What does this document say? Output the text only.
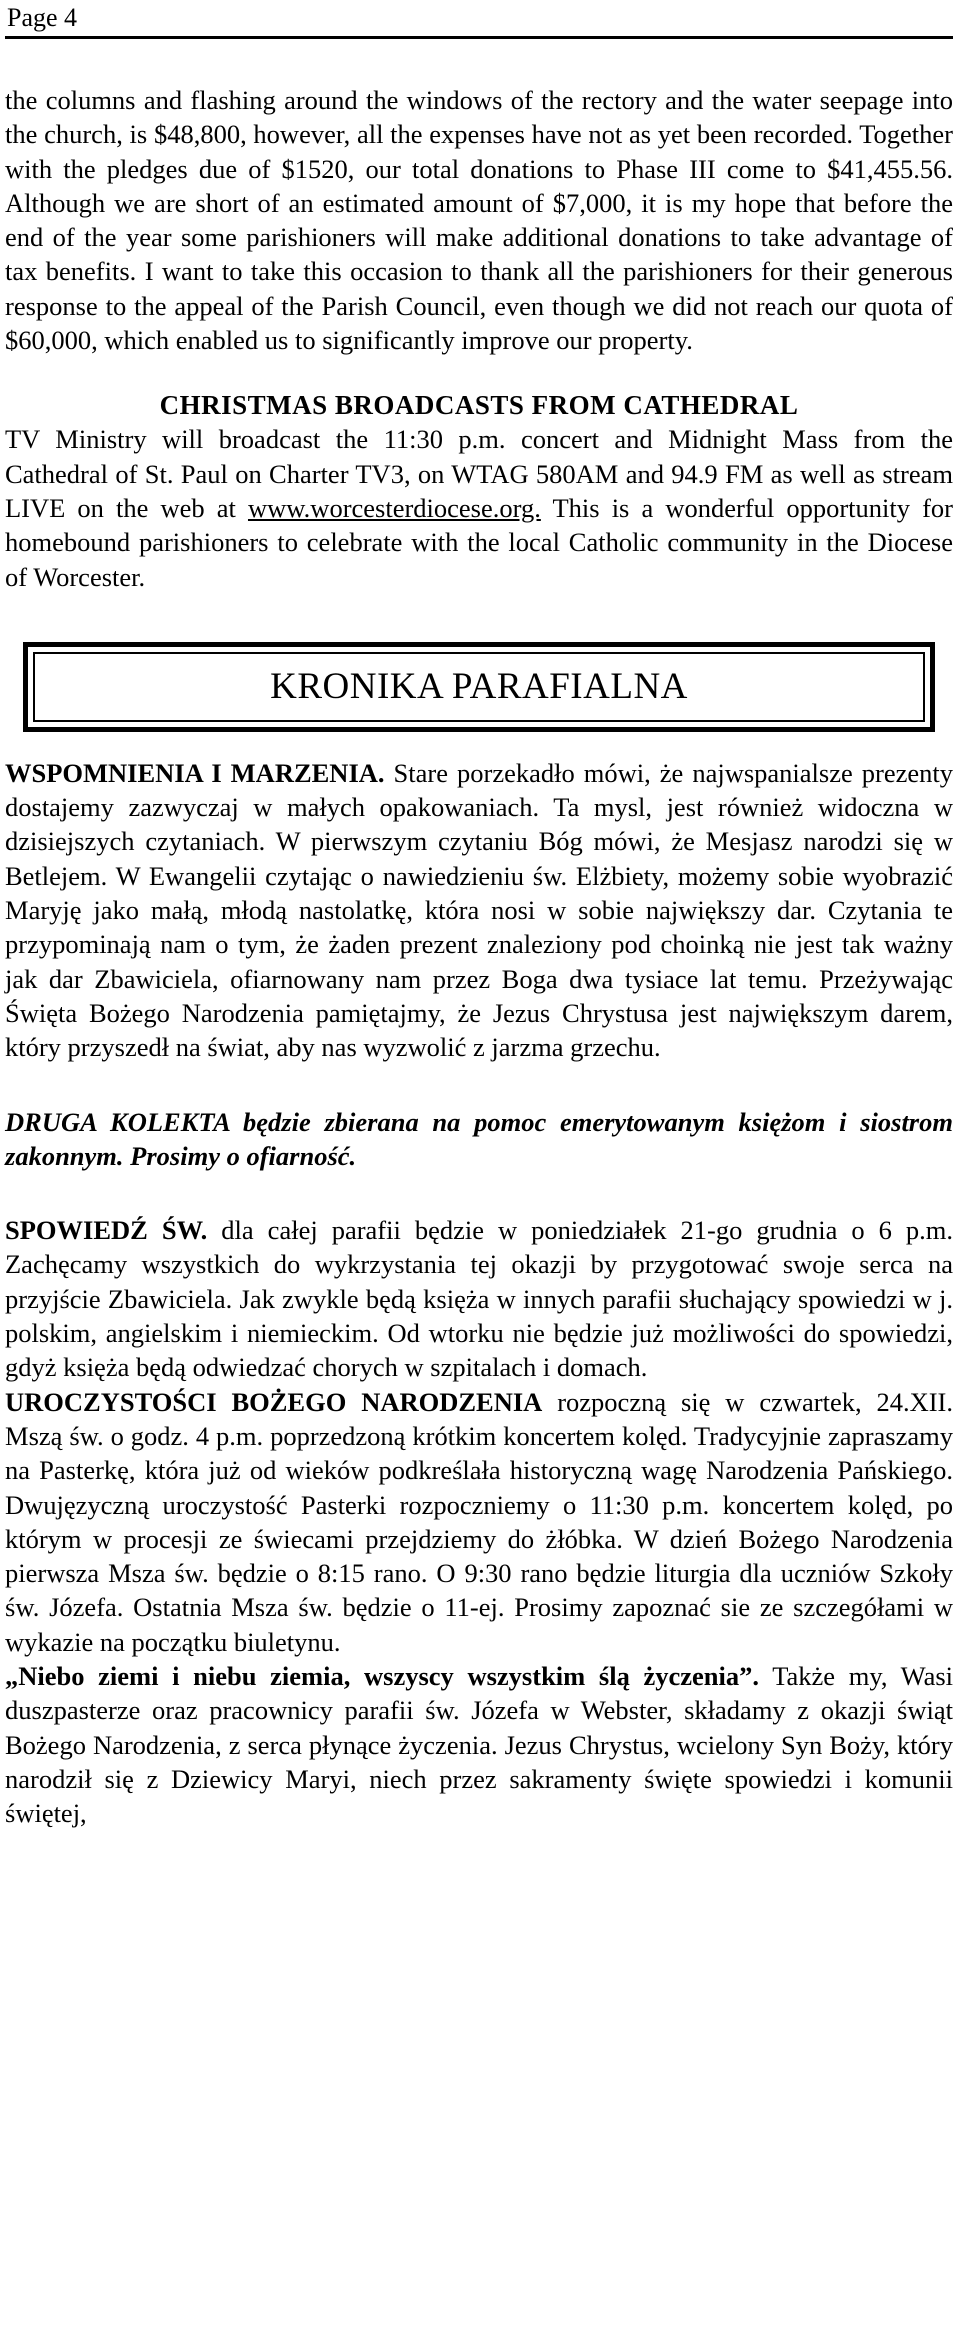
Page 4

the columns and flashing around the windows of the rectory and the water seepage into the church, is $48,800, however, all the expenses have not as yet been recorded. Together with the pledges due of $1520, our total donations to Phase III come to $41,455.56. Although we are short of an estimated amount of $7,000, it is my hope that before the end of the year some parishioners will make additional donations to take advantage of tax benefits. I want to take this occasion to thank all the parishioners for their generous response to the appeal of the Parish Council, even though we did not reach our quota of $60,000, which enabled us to significantly improve our property.

CHRISTMAS BROADCASTS FROM CATHEDRAL

TV Ministry will broadcast the 11:30 p.m. concert and Midnight Mass from the Cathedral of St. Paul on Charter TV3, on WTAG 580AM and 94.9 FM as well as stream LIVE on the web at www.worcesterdiocese.org. This is a wonderful opportunity for homebound parishioners to celebrate with the local Catholic community in the Diocese of Worcester.

KRONIKA PARAFIALNA

WSPOMNIENIA I MARZENIA. Stare porzekadło mówi, że najwspanialsze prezenty dostajemy zazwyczaj w małych opakowaniach. Ta mysl, jest również widoczna w dzisiejszych czytaniach. W pierwszym czytaniu Bóg mówi, że Mesjasz narodzi się w Betlejem. W Ewangelii czytając o nawiedzieniu św. Elżbiety, możemy sobie wyobrazić Maryję jako małą, młodą nastolatkę, która nosi w sobie największy dar. Czytania te przypominają nam o tym, że żaden prezent znaleziony pod choinką nie jest tak ważny jak dar Zbawiciela, ofiarnowany nam przez Boga dwa tysiace lat temu. Przeżywając Święta Bożego Narodzenia pamiętajmy, że Jezus Chrystusa jest największym darem, który przyszedł na świat, aby nas wyzwolić z jarzma grzechu.

DRUGA KOLEKTA będzie zbierana na pomoc emerytowanym księżom i siostrom zakonnym. Prosimy o ofiarność.

SPOWIEDŹ ŚW. dla całej parafii będzie w poniedziałek 21-go grudnia o 6 p.m. Zachęcamy wszystkich do wykrzystania tej okazji by przygotować swoje serca na przyjście Zbawiciela. Jak zwykle będą księża w innych parafii słuchający spowiedzi w j. polskim, angielskim i niemieckim. Od wtorku nie będzie już możliwości do spowiedzi, gdyż księża będą odwiedzać chorych w szpitalach i domach.

UROCZYSTOŚCI BOŻEGO NARODZENIA rozpoczną się w czwartek, 24.XII. Mszą św. o godz. 4 p.m. poprzedzoną krótkim koncertem kolęd. Tradycyjnie zapraszamy na Pasterkę, która już od wieków podkreślała historyczną wagę Narodzenia Pańskiego. Dwujęzyczną uroczystość Pasterki rozpoczniemy o 11:30 p.m. koncertem kolęd, po którym w procesji ze świecami przejdziemy do żłóbka. W dzień Bożego Narodzenia pierwsza Msza św. będzie o 8:15 rano. O 9:30 rano będzie liturgia dla uczniów Szkoły św. Józefa. Ostatnia Msza św. będzie o 11-ej. Prosimy zapoznać sie ze szczegółami w wykazie na początku biuletynu.

„Niebo ziemi i niebu ziemia, wszyscy wszystkim ślą życzenia”. Także my, Wasi duszpasterze oraz pracownicy parafii św. Józefa w Webster, składamy z okazji świąt Bożego Narodzenia, z serca płynące życzenia. Jezus Chrystus, wcielony Syn Boży, który narodził się z Dziewicy Maryi, niech przez sakramenty święte spowiedzi i komunii świętej,
